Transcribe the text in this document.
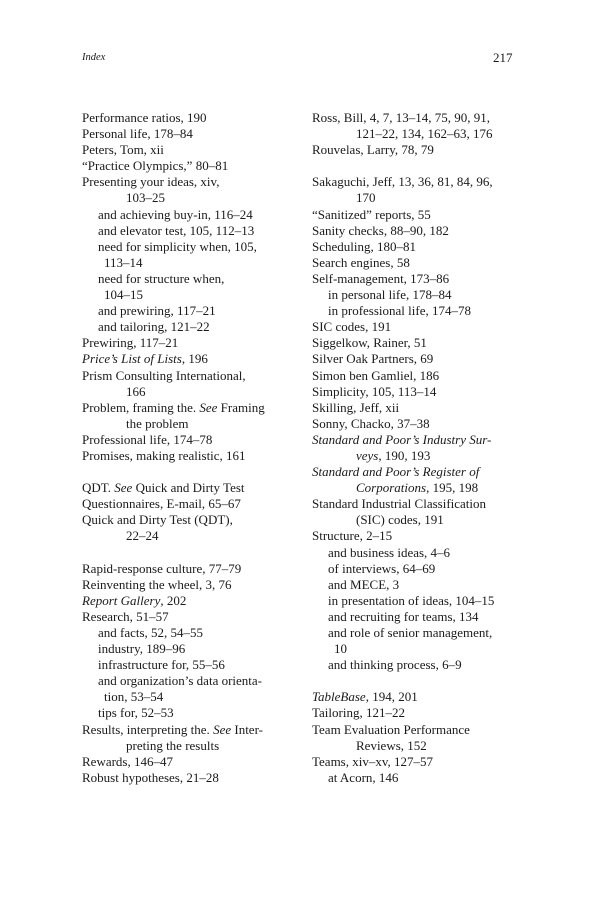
Index	217
Performance ratios, 190
Personal life, 178–84
Peters, Tom, xii
“Practice Olympics,” 80–81
Presenting your ideas, xiv,
103–25
and achieving buy-in, 116–24
and elevator test, 105, 112–13
need for simplicity when, 105,
113–14
need for structure when,
104–15
and prewiring, 117–21
and tailoring, 121–22
Prewiring, 117–21
Price’s List of Lists, 196
Prism Consulting International,
166
Problem, framing the. See Framing
the problem
Professional life, 174–78
Promises, making realistic, 161
QDT. See Quick and Dirty Test
Questionnaires, E-mail, 65–67
Quick and Dirty Test (QDT),
22–24
Rapid-response culture, 77–79
Reinventing the wheel, 3, 76
Report Gallery, 202
Research, 51–57
and facts, 52, 54–55
industry, 189–96
infrastructure for, 55–56
and organization’s data orienta-
tion, 53–54
tips for, 52–53
Results, interpreting the. See Inter-
preting the results
Rewards, 146–47
Robust hypotheses, 21–28
Ross, Bill, 4, 7, 13–14, 75, 90, 91,
121–22, 134, 162–63, 176
Rouvelas, Larry, 78, 79
Sakaguchi, Jeff, 13, 36, 81, 84, 96,
170
“Sanitized” reports, 55
Sanity checks, 88–90, 182
Scheduling, 180–81
Search engines, 58
Self-management, 173–86
in personal life, 178–84
in professional life, 174–78
SIC codes, 191
Siggelkow, Rainer, 51
Silver Oak Partners, 69
Simon ben Gamliel, 186
Simplicity, 105, 113–14
Skilling, Jeff, xii
Sonny, Chacko, 37–38
Standard and Poor’s Industry Sur-
veys, 190, 193
Standard and Poor’s Register of
Corporations, 195, 198
Standard Industrial Classification
(SIC) codes, 191
Structure, 2–15
and business ideas, 4–6
of interviews, 64–69
and MECE, 3
in presentation of ideas, 104–15
and recruiting for teams, 134
and role of senior management,
10
and thinking process, 6–9
TableBase, 194, 201
Tailoring, 121–22
Team Evaluation Performance
Reviews, 152
Teams, xiv–xv, 127–57
at Acorn, 146
